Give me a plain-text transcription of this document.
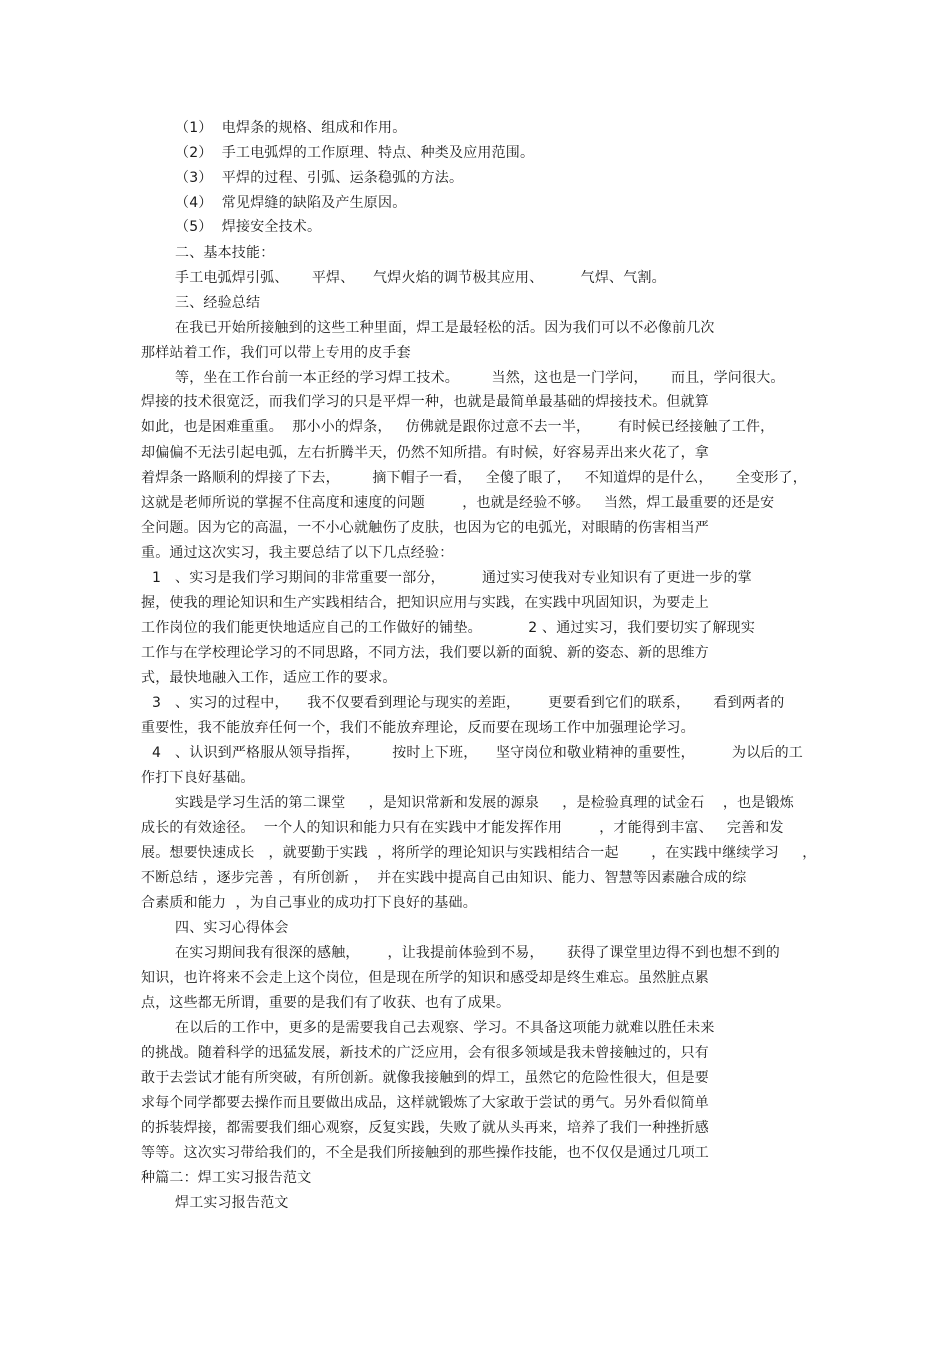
（1）  电焊条的规格、组成和作用。
（2）  手工电弧焊的工作原理、特点、种类及应用范围。
（3）  平焊的过程、引弧、运条稳弧的方法。
（4）  常见焊缝的缺陷及产生原因。
（5）  焊接安全技术。
二、基本技能：
手工电弧焊引弧、     平焊、    气焊火焰的调节极其应用、        气焊、气割。
三、经验总结
在我已开始所接触到的这些工种里面，焊工是最轻松的活。因为我们可以不必像前几次
那样站着工作，我们可以带上专用的皮手套
等，坐在工作台前一本正经的学习焊工技术。       当然，这也是一门学问，     而且，学问很大。
焊接的技术很宽泛，而我们学习的只是平焊一种，也就是最简单最基础的焊接技术。但就算
如此，也是困难重重。  那小小的焊条，   仿佛就是跟你过意不去一半，      有时候已经接触了工件，
却偏偏不无法引起电弧，左右折腾半天，仍然不知所措。有时候，好容易弄出来火花了，拿
着焊条一路顺利的焊接了下去，       摘下帽子一看，   全傻了眼了，   不知道焊的是什么，     全变形了，
这就是老师所说的掌握不住高度和速度的问题        ，也就是经验不够。   当然，焊工最重要的还是安
全问题。因为它的高温，一不小心就触伤了皮肤，也因为它的电弧光，对眼睛的伤害相当严
重。通过这次实习，我主要总结了以下几点经验：
1   、实习是我们学习期间的非常重要一部分，        通过实习使我对专业知识有了更进一步的掌
握，使我的理论知识和生产实践相结合，把知识应用与实践，在实践中巩固知识，为要走上
工作岗位的我们能更快地适应自己的工作做好的铺垫。          2 、通过实习，我们要切实了解现实
工作与在学校理论学习的不同思路，不同方法，我们要以新的面貌、新的姿态、新的思维方
式，最快地融入工作，适应工作的要求。
3   、实习的过程中，    我不仅要看到理论与现实的差距，      更要看到它们的联系，     看到两者的
重要性，我不能放弃任何一个，我们不能放弃理论，反而要在现场工作中加强理论学习。
4   、认识到严格服从领导指挥，       按时上下班，    坚守岗位和敬业精神的重要性，        为以后的工
作打下良好基础。
实践是学习生活的第二课堂     ，是知识常新和发展的源泉     ，是检验真理的试金石    ，也是锻炼
成长的有效途径。  一个人的知识和能力只有在实践中才能发挥作用        ，才能得到丰富、   完善和发
展。想要快速成长   ，就要勤于实践  ，将所学的理论知识与实践相结合一起       ，在实践中继续学习     ，
不断总结 ，逐步完善 ，有所创新 ，  并在实践中提高自己由知识、能力、智慧等因素融合成的综
合素质和能力  ，为自己事业的成功打下良好的基础。
四、实习心得体会
在实习期间我有很深的感触，      ，让我提前体验到不易，     获得了课堂里边得不到也想不到的
知识，也许将来不会走上这个岗位，但是现在所学的知识和感受却是终生难忘。虽然脏点累
点，这些都无所谓，重要的是我们有了收获、也有了成果。
在以后的工作中，更多的是需要我自己去观察、学习。不具备这项能力就难以胜任未来
的挑战。随着科学的迅猛发展，新技术的广泛应用，会有很多领域是我未曾接触过的，只有
敢于去尝试才能有所突破，有所创新。就像我接触到的焊工，虽然它的危险性很大，但是要
求每个同学都要去操作而且要做出成品，这样就锻炼了大家敢于尝试的勇气。另外看似简单
的拆装焊接，都需要我们细心观察，反复实践，失败了就从头再来，培养了我们一种挫折感
等等。这次实习带给我们的，不全是我们所接触到的那些操作技能，也不仅仅是通过几项工
种篇二：焊工实习报告范文
焊工实习报告范文
